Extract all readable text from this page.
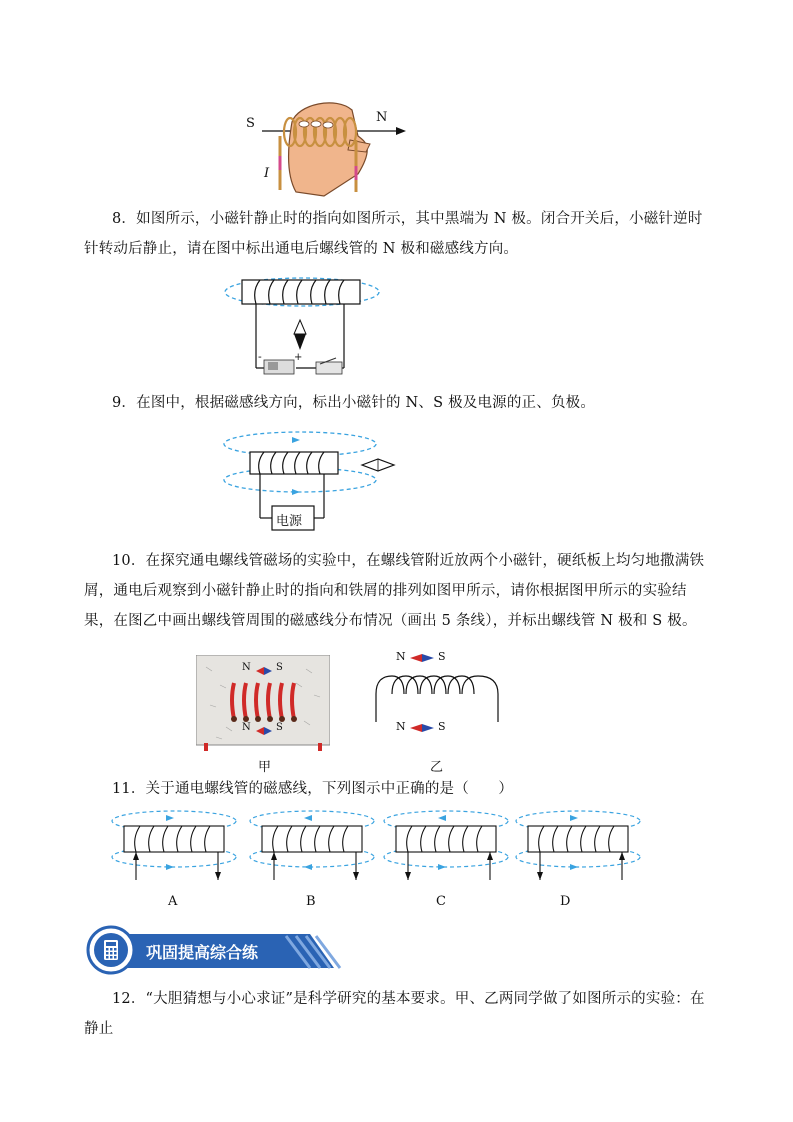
S	N
I
8．如图所示，小磁针静止时的指向如图所示，其中黑端为 N 极。闭合开关后，小磁针逆时针转动后静止，请在图中标出通电后螺线管的 N 极和磁感线方向。
-	+
9．在图中，根据磁感线方向，标出小磁针的 N、S 极及电源的正、负极。
电源
10．在探究通电螺线管磁场的实验中，在螺线管附近放两个小磁针，硬纸板上均匀地撒满铁屑，通电后观察到小磁针静止时的指向和铁屑的排列如图甲所示，请你根据图甲所示的实验结果，在图乙中画出螺线管周围的磁感线分布情况（画出 5 条线），并标出螺线管 N 极和 S 极。
N	S
N	S
甲
N	S
N	S
乙
11．关于通电螺线管的磁感线，下列图示中正确的是（　　）
A	B	C	D
巩固提高综合练
12．“大胆猜想与小心求证”是科学研究的基本要求。甲、乙两同学做了如图所示的实验：在静止
